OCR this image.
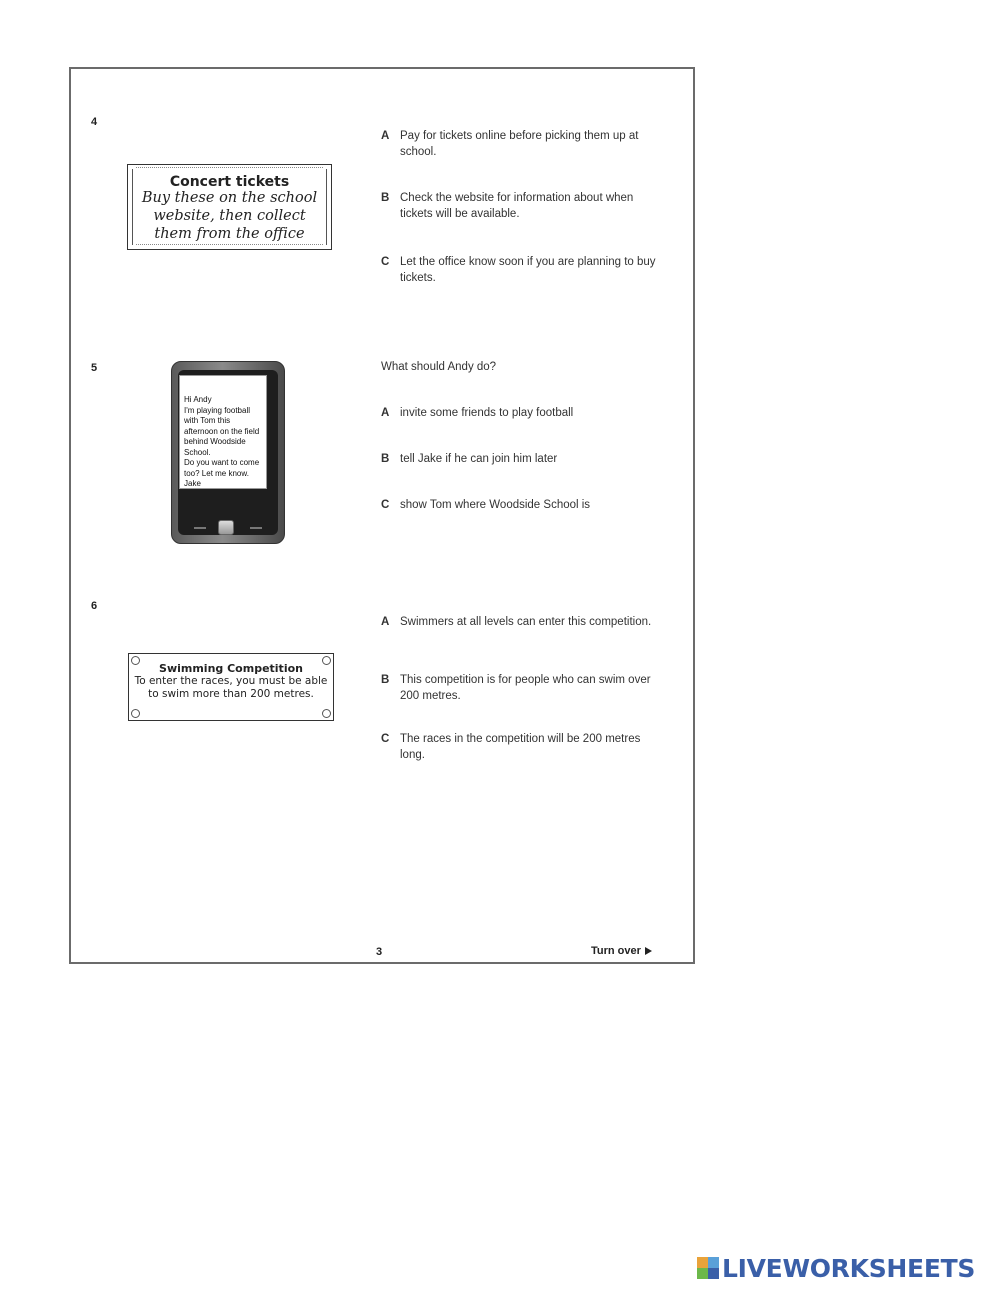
4
Concert tickets
Buy these on the school website, then collect them from the office
A Pay for tickets online before picking them up at school.
B Check the website for information about when tickets will be available.
C Let the office know soon if you are planning to buy tickets.
5
Hi Andy
I'm playing football with Tom this afternoon on the field behind Woodside School.
Do you want to come too? Let me know.
Jake
What should Andy do?
A invite some friends to play football
B tell Jake if he can join him later
C show Tom where Woodside School is
6
Swimming Competition
To enter the races, you must be able to swim more than 200 metres.
A Swimmers at all levels can enter this competition.
B This competition is for people who can swim over 200 metres.
C The races in the competition will be 200 metres long.
3	Turn over
LIVEWORKSHEETS
